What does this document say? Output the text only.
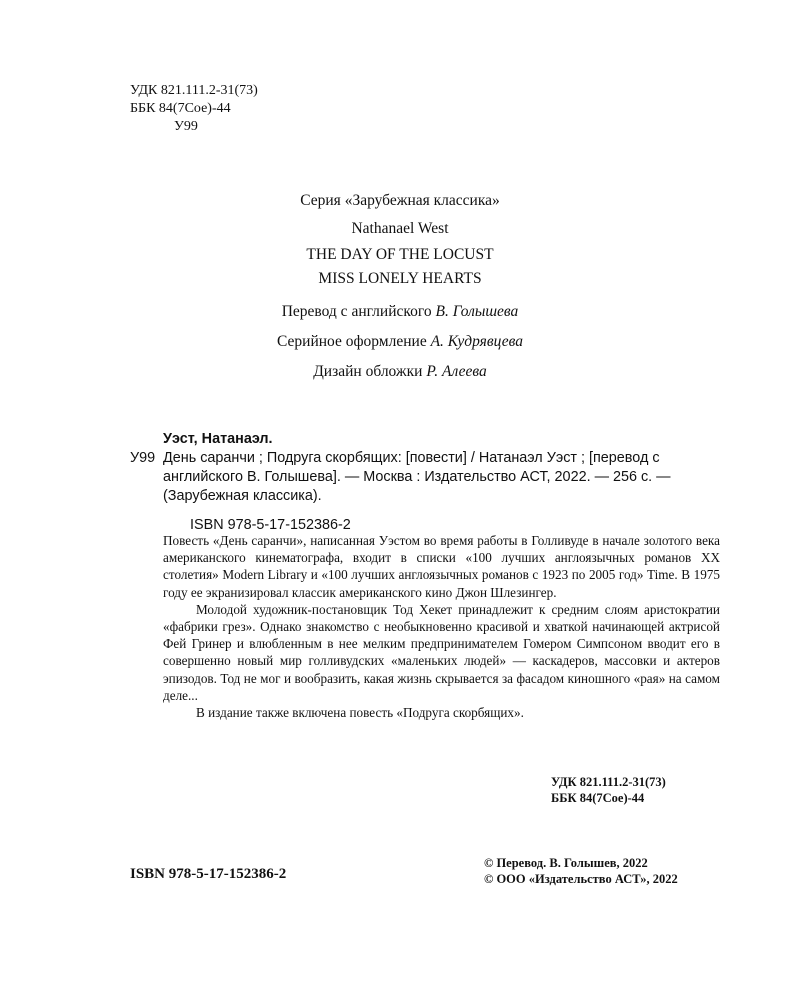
УДК 821.111.2-31(73)
ББК 84(7Сое)-44
У99
Серия «Зарубежная классика»
Nathanael West
THE DAY OF THE LOCUST
MISS LONELY HEARTS
Перевод с английского В. Голышева
Серийное оформление А. Кудрявцева
Дизайн обложки Р. Алеева
Уэст, Натанаэл.
У99 День саранчи ; Подруга скорбящих: [повести] / Натанаэл Уэст ; [перевод с английского В. Голышева]. — Москва : Издательство АСТ, 2022. — 256 с. — (Зарубежная классика).
ISBN 978-5-17-152386-2

Повесть «День саранчи», написанная Уэстом во время работы в Голливуде в начале золотого века американского кинематографа, входит в списки «100 лучших англоязычных романов XX столетия» Modern Library и «100 лучших англоязычных романов с 1923 по 2005 год» Time. В 1975 году ее экранизировал классик американского кино Джон Шлезингер.

Молодой художник-постановщик Тод Хекет принадлежит к средним слоям аристократии «фабрики грез». Однако знакомство с необыкновенно красивой и хваткой начинающей актрисой Фей Гринер и влюбленным в нее мелким предпринимателем Гомером Симпсоном вводит его в совершенно новый мир голливудских «маленьких людей» — каскадеров, массовки и актеров эпизодов. Тод не мог и вообразить, какая жизнь скрывается за фасадом киношного «рая» на самом деле...

В издание также включена повесть «Подруга скорбящих».

УДК 821.111.2-31(73)
ББК 84(7Сое)-44
ISBN 978-5-17-152386-2
© Перевод. В. Голышев, 2022
© ООО «Издательство АСТ», 2022
